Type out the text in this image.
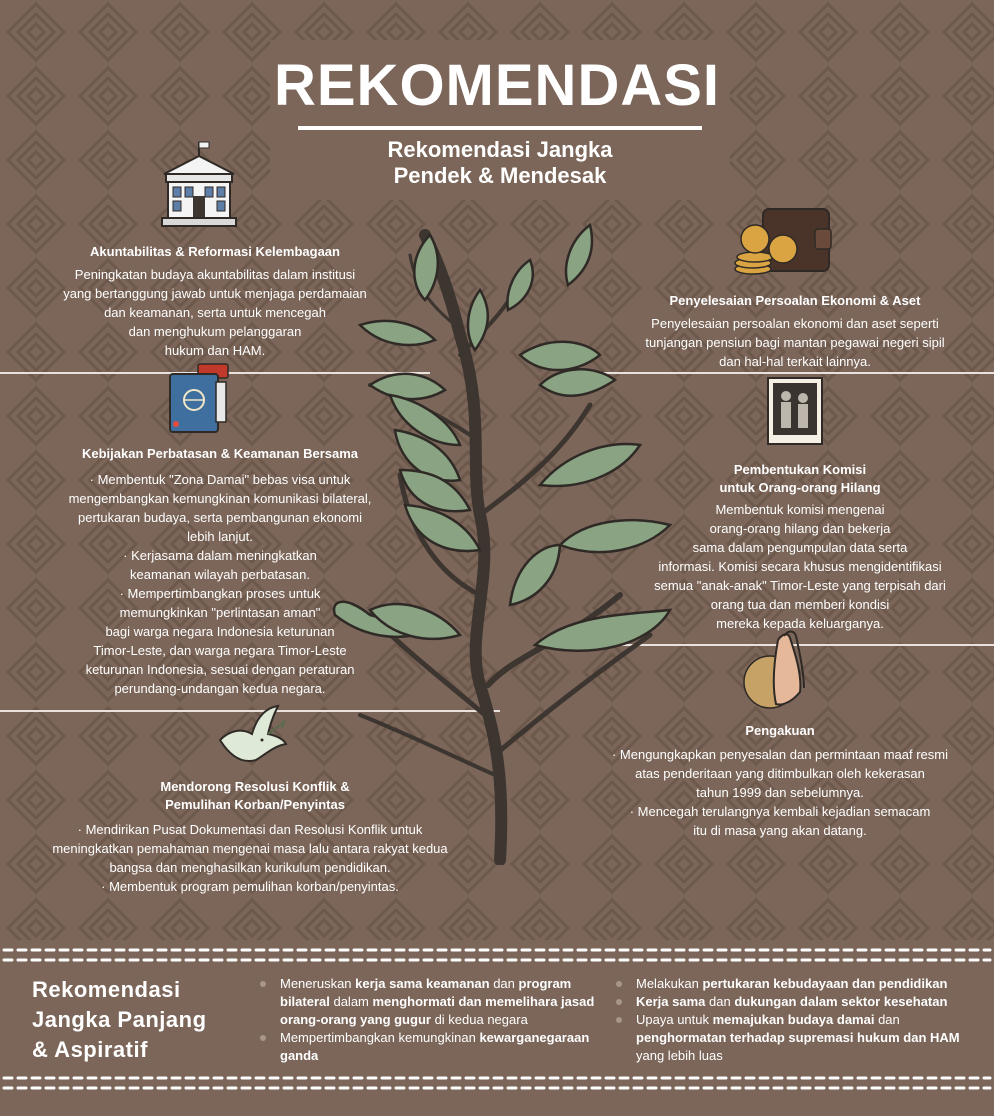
REKOMENDASI
Rekomendasi Jangka
Pendek & Mendesak
Akuntabilitas & Reformasi Kelembagaan
Peningkatan budaya akuntabilitas dalam institusi
yang bertanggung jawab untuk menjaga perdamaian
dan keamanan, serta untuk mencegah
dan menghukum pelanggaran
hukum dan HAM.
Kebijakan Perbatasan & Keamanan Bersama
· Membentuk "Zona Damai" bebas visa untuk
mengembangkan kemungkinan komunikasi bilateral,
pertukaran budaya, serta pembangunan ekonomi
lebih lanjut.
· Kerjasama dalam meningkatkan
keamanan wilayah perbatasan.
· Mempertimbangkan proses untuk
memungkinkan "perlintasan aman"
bagi warga negara Indonesia keturunan
Timor-Leste, dan warga negara Timor-Leste
keturunan Indonesia, sesuai dengan peraturan
perundang-undangan kedua negara.
Mendorong Resolusi Konflik &
Pemulihan Korban/Penyintas
· Mendirikan Pusat Dokumentasi dan Resolusi Konflik untuk
meningkatkan pemahaman mengenai masa lalu antara rakyat kedua
bangsa dan menghasilkan kurikulum pendidikan.
· Membentuk program pemulihan korban/penyintas.
Penyelesaian Persoalan Ekonomi & Aset
Penyelesaian persoalan ekonomi dan aset seperti
tunjangan pensiun bagi mantan pegawai negeri sipil
dan hal-hal terkait lainnya.
Pembentukan Komisi
untuk Orang-orang Hilang
Membentuk komisi mengenai
orang-orang hilang dan bekerja
sama dalam pengumpulan data serta
informasi. Komisi secara khusus mengidentifikasi
semua "anak-anak" Timor-Leste yang terpisah dari
orang tua dan memberi kondisi
mereka kepada keluarganya.
Pengakuan
· Mengungkapkan penyesalan dan permintaan maaf resmi
atas penderitaan yang ditimbulkan oleh kekerasan
tahun 1999 dan sebelumnya.
· Mencegah terulangnya kembali kejadian semacam
itu di masa yang akan datang.
Rekomendasi
Jangka Panjang
& Aspiratif
Meneruskan kerja sama keamanan dan program bilateral dalam menghormati dan memelihara jasad orang-orang yang gugur di kedua negara
Mempertimbangkan kemungkinan kewarganegaraan ganda
Melakukan pertukaran kebudayaan dan pendidikan
Kerja sama dan dukungan dalam sektor kesehatan
Upaya untuk memajukan budaya damai dan penghormatan terhadap supremasi hukum dan HAM yang lebih luas
